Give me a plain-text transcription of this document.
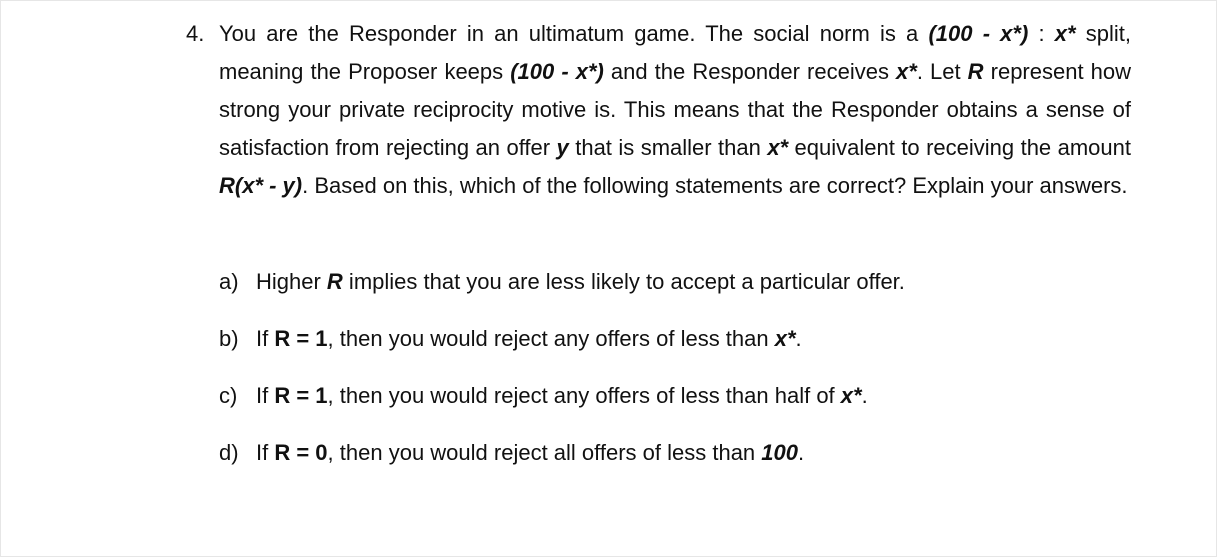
4. You are the Responder in an ultimatum game. The social norm is a (100 - x*) : x* split, meaning the Proposer keeps (100 - x*) and the Responder receives x*. Let R represent how strong your private reciprocity motive is. This means that the Responder obtains a sense of satisfaction from rejecting an offer y that is smaller than x* equivalent to receiving the amount R(x* - y). Based on this, which of the following statements are correct? Explain your answers.
a) Higher R implies that you are less likely to accept a particular offer.
b) If R = 1, then you would reject any offers of less than x*.
c) If R = 1, then you would reject any offers of less than half of x*.
d) If R = 0, then you would reject all offers of less than 100.
